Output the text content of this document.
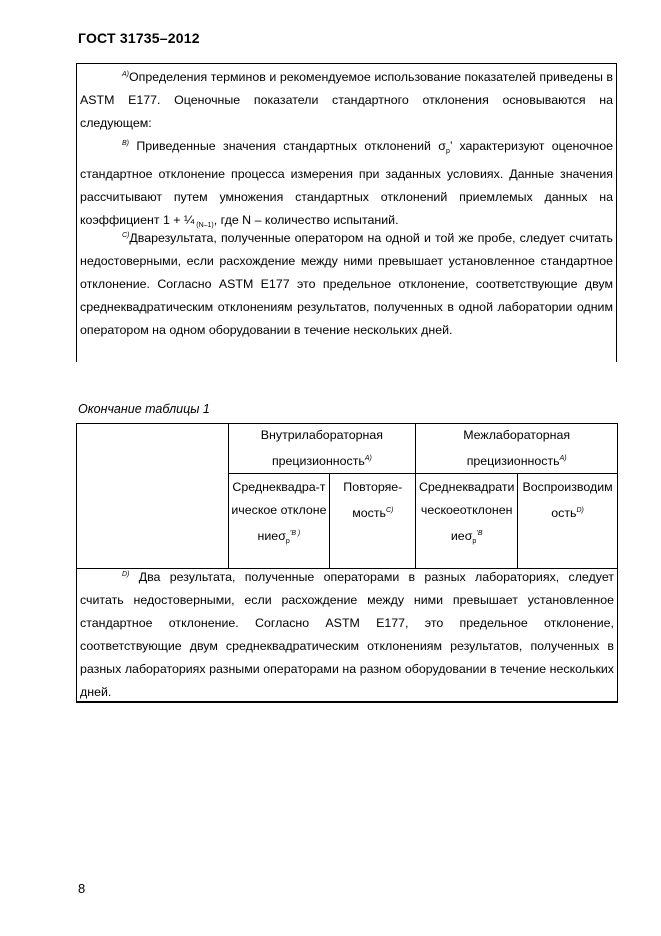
ГОСТ 31735–2012

$^{A)}$Определения терминов и рекомендуемое использование показателей приведены в ASTM E177. Оценочные показатели стандартного отклонения основываются на следующем:

$^{B)}$ Приведенные значения стандартных отклонений $\sigma_p$’ характеризуют оценочное стандартное отклонение процесса измерения при заданных условиях. Данные значения рассчитывают путем умножения стандартных отклонений приемлемых данных на коэффициент 1 + ¼ $_{(N-1)}$, где N – количество испытаний.

$^{C)}$Дварезультата, полученные оператором на одной и той же пробе, следует считать недостоверными, если расхождение между ними превышает установленное стандартное отклонение. Согласно ASTM E177 это предельное отклонение, соответствующие двум среднеквадратическим отклонениям результатов, полученных в одной лаборатории одним оператором на одном оборудовании в течение нескольких дней.

Окончание таблицы 1
	Внутрилабораторная прецизионность$^{A)}$		Межлабораторная прецизионность$^{A)}$
	Среднеквадра-тическое отклонениеσ$_p^{’B )}$	Повторяе-мость$^{C)}$	Среднеквадратическоеотклонениеσ$_p^{’B}$	Воспроизводимость$^{D)}$

$^{D)}$ Два результата, полученные операторами в разных лабораториях, следует считать недостоверными, если расхождение между ними превышает установленное стандартное отклонение. Согласно ASTM E177, это предельное отклонение, соответствующие двум среднеквадратическим отклонениям результатов, полученных в разных лабораториях разными операторами на разном оборудовании в течение нескольких дней.

8
